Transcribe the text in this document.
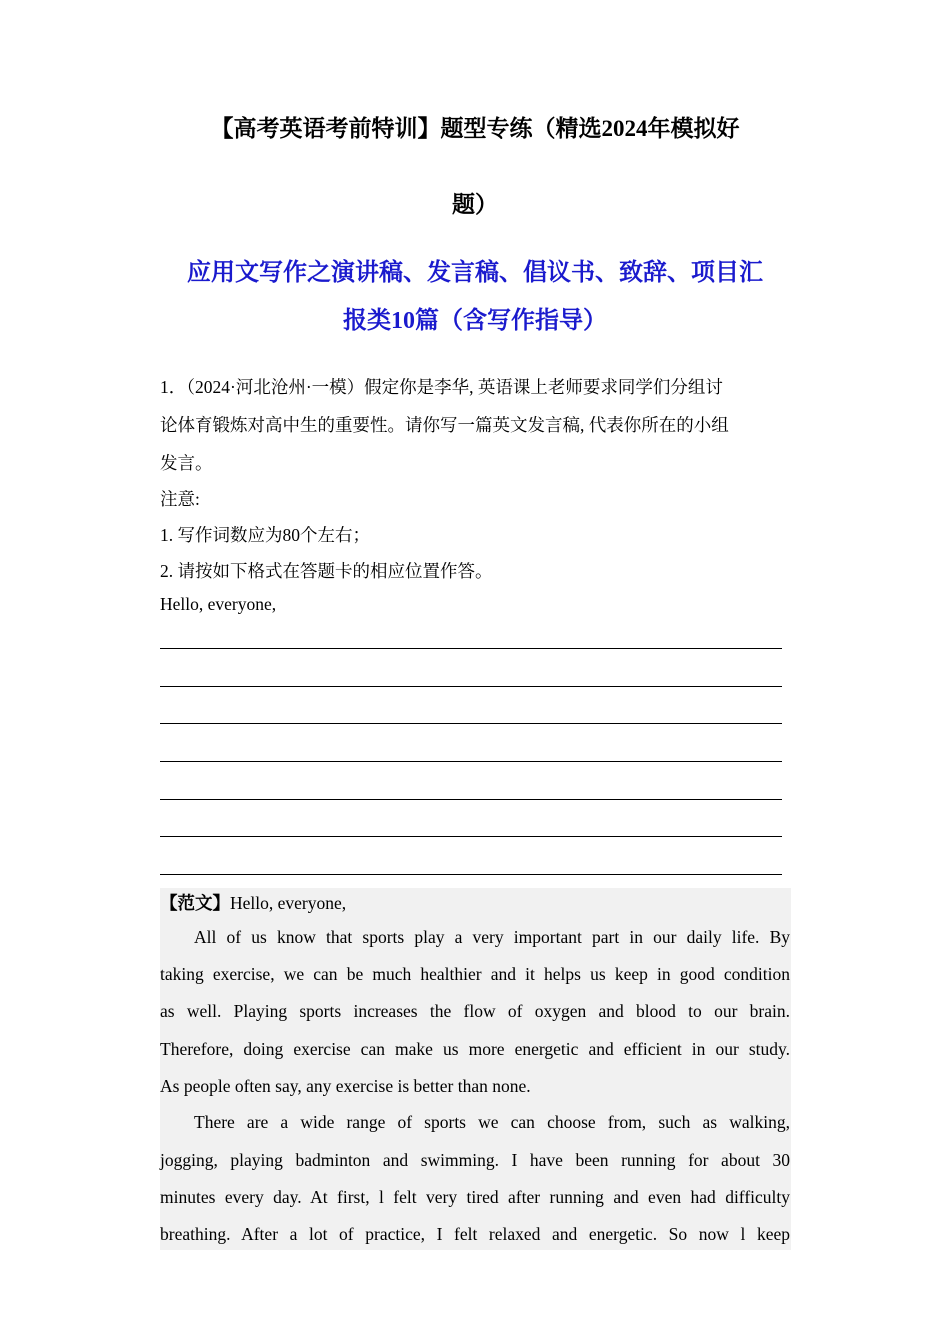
【高考英语考前特训】题型专练（精选2024年模拟好
题）
应用文写作之演讲稿、发言稿、倡议书、致辞、项目汇
报类10篇（含写作指导）
1．（2024·河北沧州·一模）假定你是李华, 英语课上老师要求同学们分组讨
论体育锻炼对高中生的重要性。请你写一篇英文发言稿, 代表你所在的小组
发言。
注意:
1. 写作词数应为80个左右；
2. 请按如下格式在答题卡的相应位置作答。
Hello, everyone,
【范文】Hello, everyone,
All of us know that sports play a very important part in our daily life. By
taking exercise, we can be much healthier and it helps us keep in good condition
as well. Playing sports increases the flow of oxygen and blood to our brain.
Therefore, doing exercise can make us more energetic and efficient in our study.
As people often say, any exercise is better than none.
There are a wide range of sports we can choose from, such as walking,
jogging, playing badminton and swimming. I have been running for about 30
minutes every day. At first, l felt very tired after running and even had difficulty
breathing. After a lot of practice, I felt relaxed and energetic. So now l keep
